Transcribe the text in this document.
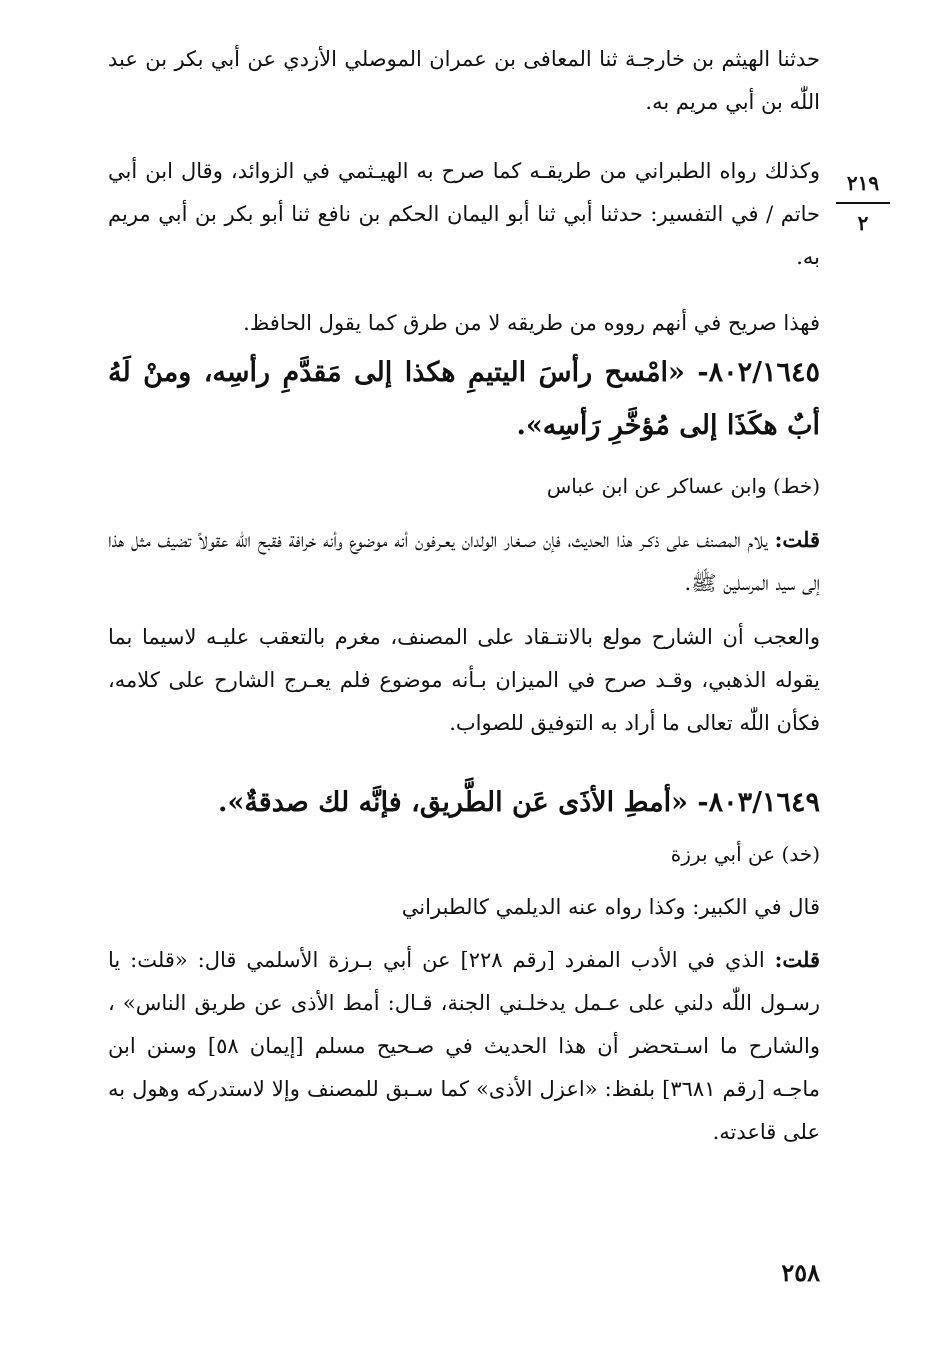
٢١٩
٢

حدثنا الهيثم بن خارجـة ثنا المعافى بن عمران الموصلي الأزدي عن أبي بكر بن عبد اللّٰه بن أبي مريم به.

وكذلك رواه الطبراني من طريقـه كما صرح به الهيـثمي في الزوائد، وقال ابن أبي حاتم / في التفسير: حدثنا أبي ثنا أبو اليمان الحكم بن نافع ثنا أبو بكر بن أبي مريم به.

فهذا صريح في أنهم رووه من طريقه لا من طرق كما يقول الحافظ.

٨٠٢/١٦٤٥- «امْسح رأسَ اليتيمِ هكذا إلى مَقدَّمِ رأسِه، ومنْ لَهُ أبٌ هكَذَا إلى مُؤخَّرِ رَأسِه».

(خط) وابن عساكر عن ابن عباس

قلت: يلام المصنف على ذكـر هذا الحديث، فإن صـغار الولدان يعـرفون أنه موضوع وأنه خرافة فقبح اللّٰه عقولاً تضيف مثل هذا إلى سيد المرسلين ﷺ.

والعجب أن الشارح مولع بالانتـقاد على المصنف، مغرم بالتعقب عليـه لاسيما بما يقوله الذهبي، وقـد صرح في الميزان بـأنه موضوع فلم يعـرج الشارح على كلامه، فكأن اللّٰه تعالى ما أراد به التوفيق للصواب.

٨٠٣/١٦٤٩- «أمطِ الأذَى عَن الطَّريق، فإنَّه لك صدقةٌ».

(خد) عن أبي برزة

قال في الكبير: وكذا رواه عنه الديلمي كالطبراني

قلت: الذي في الأدب المفرد [رقم ٢٢٨] عن أبي بـرزة الأسلمي قال: «قلت: يا رسـول اللّٰه دلني على عـمل يدخلـني الجنة، قـال: أمط الأذى عن طريق الناس» ، والشارح ما اسـتحضر أن هذا الحديث في صـحيح مسلم [إيمان ٥٨] وسنن ابن ماجـه [رقم ٣٦٨١] بلفظ: «اعزل الأذى» كما سـبق للمصنف وإلا لاستدركه وهول به على قاعدته.

٢٥٨
